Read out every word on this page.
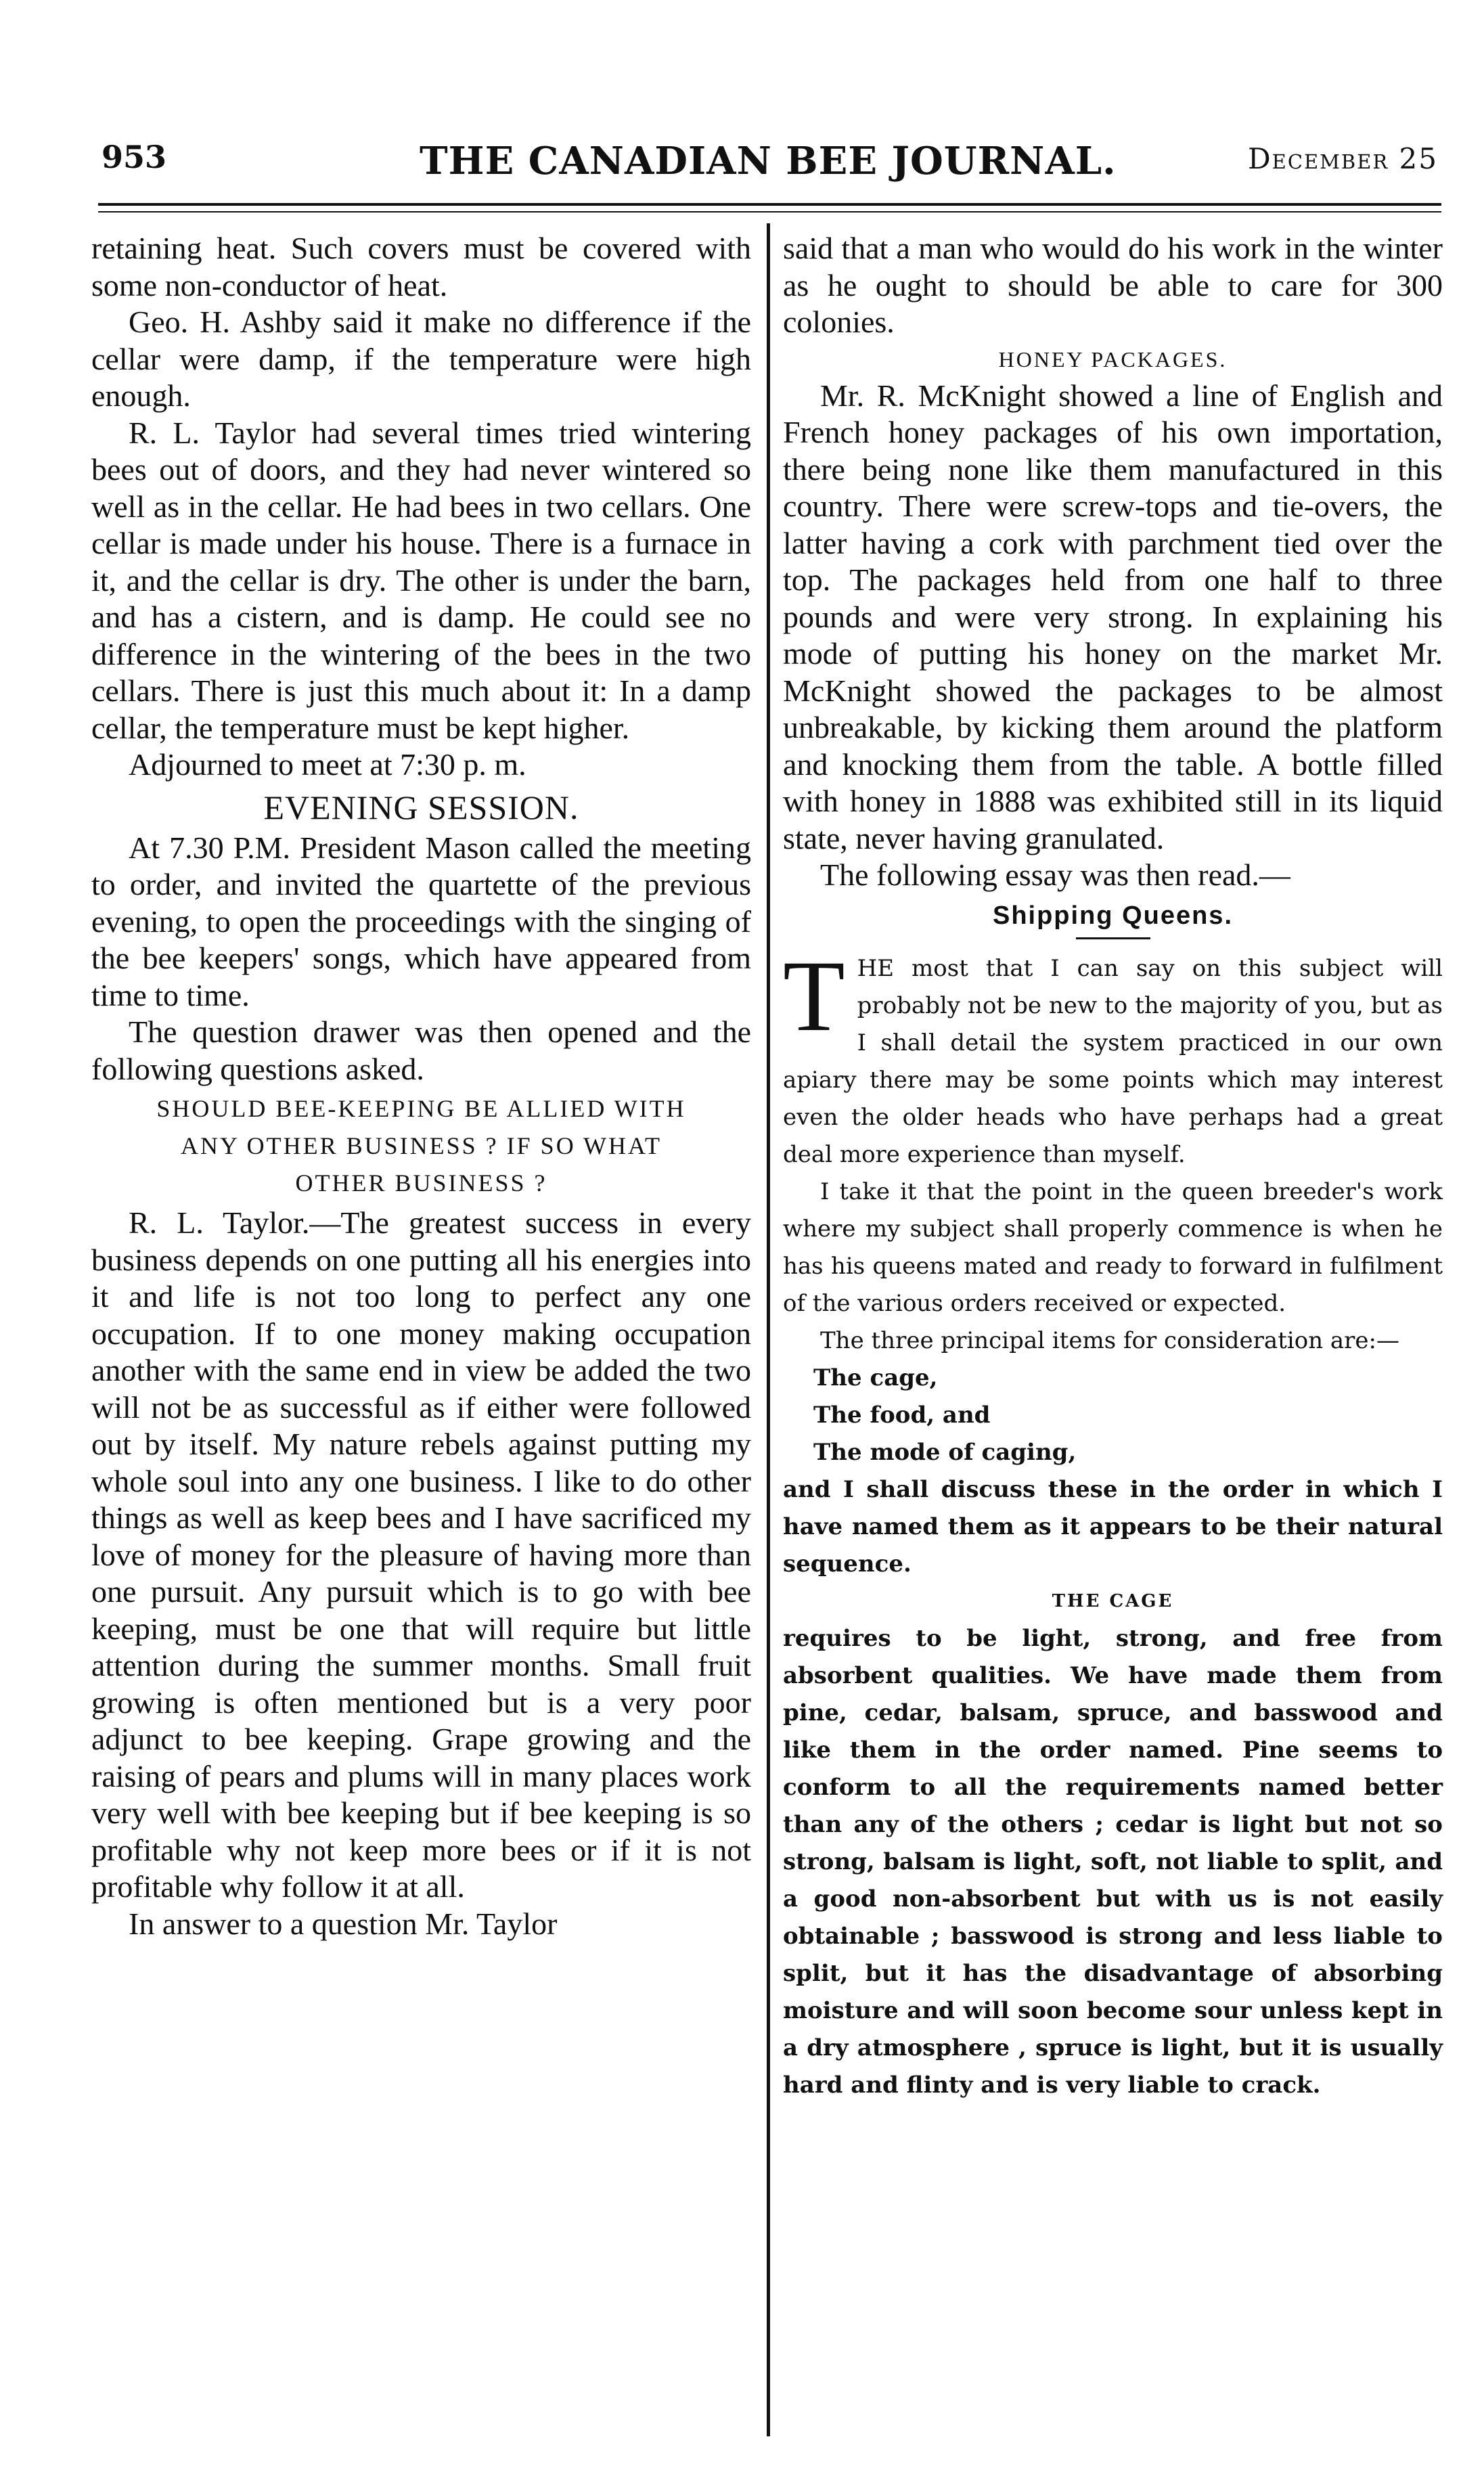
953	THE CANADIAN BEE JOURNAL.	December 25

retaining heat. Such covers must be covered with some non-conductor of heat.

Geo. H. Ashby said it make no difference if the cellar were damp, if the temperature were high enough.

R. L. Taylor had several times tried wintering bees out of doors, and they had never wintered so well as in the cellar. He had bees in two cellars. One cellar is made under his house. There is a furnace in it, and the cellar is dry. The other is under the barn, and has a cistern, and is damp. He could see no difference in the wintering of the bees in the two cellars. There is just this much about it: In a damp cellar, the temperature must be kept higher.

Adjourned to meet at 7:30 p. m.

EVENING SESSION.

At 7.30 P.M. President Mason called the meeting to order, and invited the quartette of the previous evening, to open the proceedings with the singing of the bee keepers' songs, which have appeared from time to time.

The question drawer was then opened and the following questions asked.

SHOULD BEE-KEEPING BE ALLIED WITH
ANY OTHER BUSINESS ? IF SO WHAT
OTHER BUSINESS ?

R. L. Taylor.—The greatest success in every business depends on one putting all his energies into it and life is not too long to perfect any one occupation. If to one money making occupation another with the same end in view be added the two will not be as successful as if either were followed out by itself. My nature rebels against putting my whole soul into any one business. I like to do other things as well as keep bees and I have sacrificed my love of money for the pleasure of having more than one pursuit. Any pursuit which is to go with bee keeping, must be one that will require but little attention during the summer months. Small fruit growing is often mentioned but is a very poor adjunct to bee keeping. Grape growing and the raising of pears and plums will in many places work very well with bee keeping but if bee keeping is so profitable why not keep more bees or if it is not profitable why follow it at all.

In answer to a question Mr. Taylor

said that a man who would do his work in the winter as he ought to should be able to care for 300 colonies.

HONEY PACKAGES.

Mr. R. McKnight showed a line of English and French honey packages of his own importation, there being none like them manufactured in this country. There were screw-tops and tie-overs, the latter having a cork with parchment tied over the top. The packages held from one half to three pounds and were very strong. In explaining his mode of putting his honey on the market Mr. McKnight showed the packages to be almost unbreakable, by kicking them around the platform and knocking them from the table. A bottle filled with honey in 1888 was exhibited still in its liquid state, never having granulated.

The following essay was then read.—

Shipping Queens.

THE most that I can say on this subject will probably not be new to the majority of you, but as I shall detail the system practiced in our own apiary there may be some points which may interest even the older heads who have perhaps had a great deal more experience than myself.

I take it that the point in the queen breeder's work where my subject shall properly commence is when he has his queens mated and ready to forward in fulfilment of the various orders received or expected.

The three principal items for consideration are:—

The cage,
The food, and
The mode of caging,

and I shall discuss these in the order in which I have named them as it appears to be their natural sequence.

THE CAGE

requires to be light, strong, and free from absorbent qualities. We have made them from pine, cedar, balsam, spruce, and basswood and like them in the order named. Pine seems to conform to all the requirements named better than any of the others ; cedar is light but not so strong, balsam is light, soft, not liable to split, and a good non-absorbent but with us is not easily obtainable ; basswood is strong and less liable to split, but it has the disadvantage of absorbing moisture and will soon become sour unless kept in a dry atmosphere , spruce is light, but it is usually hard and flinty and is very liable to crack.
